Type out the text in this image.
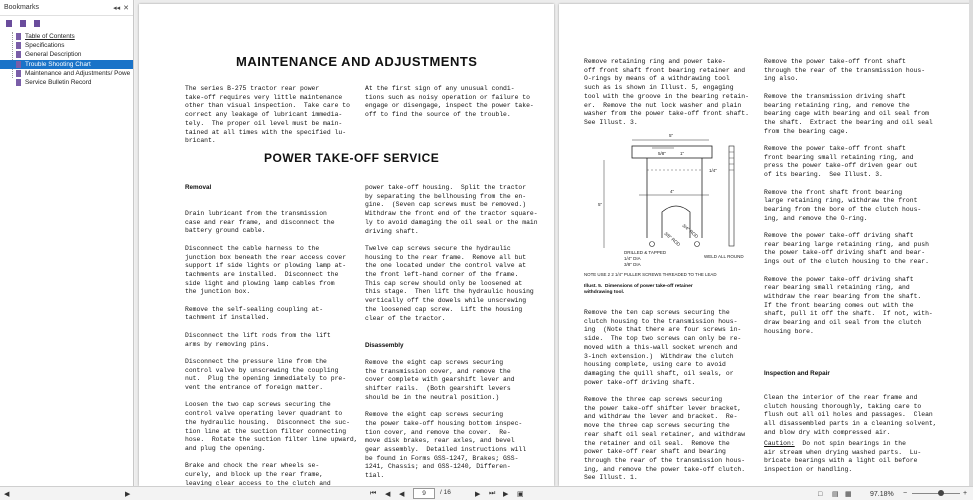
Bookmarks	◂◂ ✕
Table of Contents
Specifications
General Description
Trouble Shooting Chart
Maintenance and Adjustments/ Powe
Service Bulletin Record
MAINTENANCE AND ADJUSTMENTS
The series B-275 tractor rear power
take-off requires very little maintenance
other than visual inspection.  Take care to
correct any leakage of lubricant immedia-
tely.  The proper oil level must be main-
tained at all times with the specified lu-
bricant.
At the first sign of any unusual condi-
tions such as noisy operation or failure to
engage or disengage, inspect the power take-
off to find the source of the trouble.
POWER TAKE-OFF SERVICE
Removal
Drain lubricant from the transmission
case and rear frame, and disconnect the
battery ground cable.

Disconnect the cable harness to the
junction box beneath the rear access cover
support if side lights or plowing lamp at-
tachments are installed.  Disconnect the
side light and plowing lamp cables from
the junction box.

Remove the self-sealing coupling at-
tachment if installed.

Disconnect the lift rods from the lift
arms by removing pins.

Disconnect the pressure line from the
control valve by unscrewing the coupling
nut.  Plug the opening immediately to pre-
vent the entrance of foreign matter.

Loosen the two cap screws securing the
control valve operating lever quadrant to
the hydraulic housing.  Disconnect the suc-
tion line at the suction filter connecting
hose.  Rotate the suction filter line upward,
and plug the opening.

Brake and chock the rear wheels se-
curely, and block up the rear frame,
leaving clear access to the clutch and
power take-off housing.  Split the tractor
by separating the bellhousing from the en-
gine.  (Seven cap screws must be removed.)
Withdraw the front end of the tractor square-
ly to avoid damaging the oil seal or the main
driving shaft.

Twelve cap screws secure the hydraulic
housing to the rear frame.  Remove all but
the one located under the control valve at
the front left-hand corner of the frame.
This cap screw should only be loosened at
this stage.  Then lift the hydraulic housing
vertically off the dowels while unscrewing
the loosened cap screw.  Lift the housing
clear of the tractor.
Disassembly
Remove the eight cap screws securing
the transmission cover, and remove the
cover complete with gearshift lever and
shifter rails.  (Both gearshift levers
should be in the neutral position.)

Remove the eight cap screws securing
the power take-off housing bottom inspec-
tion cover, and remove the cover.  Re-
move disk brakes, rear axles, and bevel
gear assembly.  Detailed instructions will
be found in Forms GSS-1247, Brakes; GSS-
1241, Chassis; and GSS-1240, Differen-
tial.
Remove retaining ring and power take-
off front shaft front bearing retainer and
O-rings by means of a withdrawing tool
such as is shown in Illust. 5, engaging
tool with the groove in the bearing retain-
er.  Remove the nut lock washer and plain
washer from the power take-off front shaft.
See Illust. 3.
5"
5/8"	1"
4"
3/4" ROD
3/8" ROD
DRILLED & TAPPED
1/4" DIA
3/8" DIA
WELD ALL ROUND
5"
1/4"
NOTE USE 2 2 1/4" PULLER SCREWS THREADED TO THE LEAD
Illust. 5.  Dimensions of power take-off retainer
withdrawing tool.
Remove the ten cap screws securing the
clutch housing to the transmission hous-
ing  (Note that there are four screws in-
side.  The top two screws can only be re-
moved with a this-wall socket wrench and
3-inch extension.)  Withdraw the clutch
housing complete, using care to avoid
damaging the quill shaft, oil seals, or
power take-off driving shaft.

Remove the three cap screws securing
the power take-off shifter lever bracket,
and withdraw the lever and bracket.  Re-
move the three cap screws securing the
rear shaft oil seal retainer, and withdraw
the retainer and oil seal.  Remove the
power take-off rear shaft and bearing
through the rear of the transmission hous-
ing, and remove the power take-off clutch.
See Illust. 1.
Remove the power take-off front shaft
through the rear of the transmission hous-
ing also.

Remove the transmission driving shaft
bearing retaining ring, and remove the
bearing cage with bearing and oil seal from
the shaft.  Extract the bearing and oil seal
from the bearing cage.

Remove the power take-off front shaft
front bearing small retaining ring, and
press the power take-off driven gear out
of its bearing.  See Illust. 3.

Remove the front shaft front bearing
large retaining ring, withdraw the front
bearing from the bore of the clutch hous-
ing, and remove the O-ring.

Remove the power take-off driving shaft
rear bearing large retaining ring, and push
the power take-off driving shaft and bear-
ings out of the clutch housing to the rear.

Remove the power take-off driving shaft
rear bearing small retaining ring, and
withdraw the rear bearing from the shaft.
If the front bearing comes out with the
shaft, pull it off the shaft.  If not, with-
draw bearing and oil seal from the clutch
housing bore.
Inspection and Repair
Clean the interior of the rear frame and
clutch housing thoroughly, taking care to
flush out all oil holes and passages.  Clean
all disassembled parts in a cleaning solvent,
and blow dry with compressed air.
Caution:  Do not spin bearings in the
air stream when drying washed parts.  Lu-
bricate bearings with a light oil before
inspection or handling.
◀	▶	⏮ ◀ ◀	9	/ 16	▶ ⏭ ▶ ▣	□ ▤ ▦	97.18% −	+
